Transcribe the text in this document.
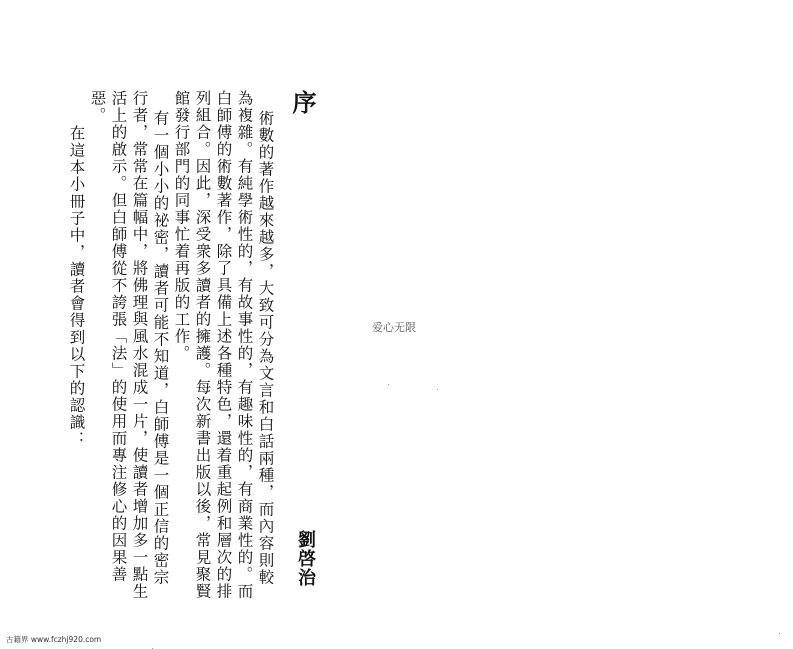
序
術數的著作越來越多，大致可分為文言和白話兩種，而內容則較
為複雜。有純學術性的，有故事性的，有趣味性的，有商業性的。而
白師傅的術數著作，除了具備上述各種特色，還着重起例和層次的排
列組合。因此，深受衆多讀者的擁護。每次新書出版以後，常見聚賢
館發行部門的同事忙着再版的工作。
有一個小小的祕密，讀者可能不知道，白師傅是一個正信的密宗
行者，常常在篇幅中，將佛理與風水混成一片，使讀者增加多一點生
活上的啟示。但白師傅從不誇張「法」的使用而專注修心的因果善
惡。
在這本小冊子中，讀者會得到以下的認識：
劉啓治
爱心无限
古籍界 www.fczhj920.com
